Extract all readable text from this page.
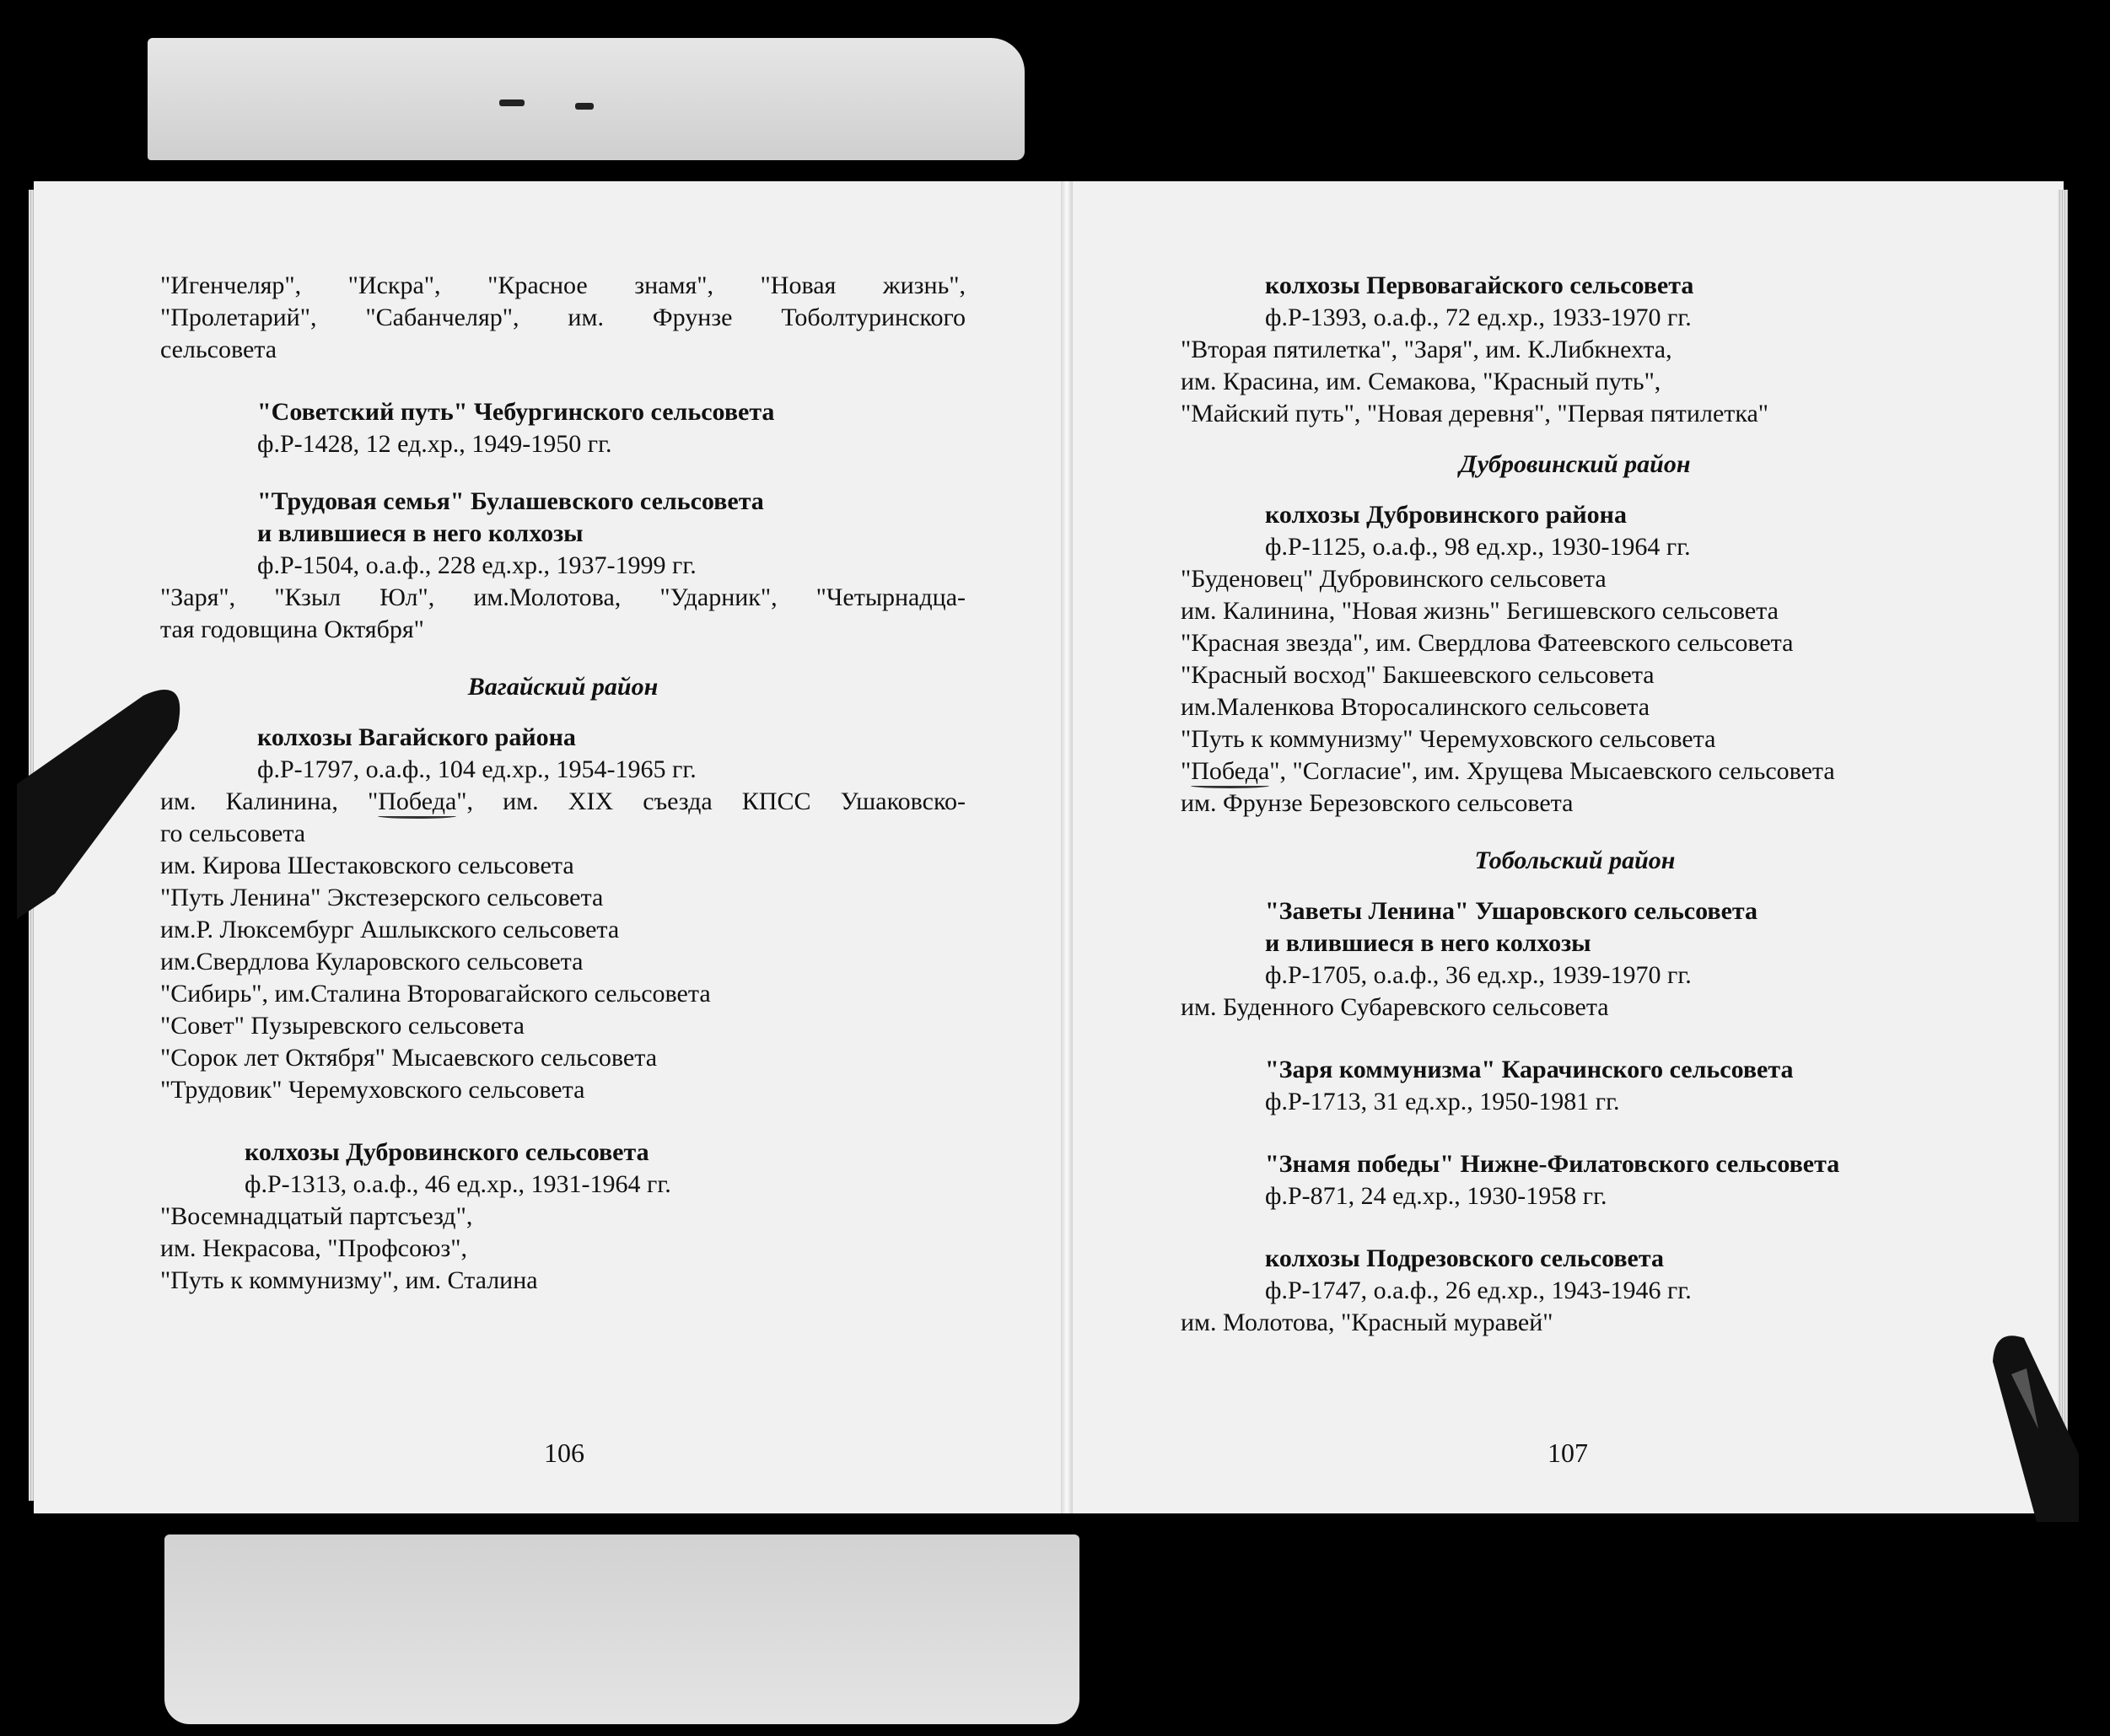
"Игенчеляр", "Искра", "Красное знамя", "Новая жизнь",

"Пролетарий", "Сабанчеляр", им. Фрунзе Тоболтуринского

сельсовета

"Советский путь" Чебургинского сельсовета

ф.Р-1428, 12 ед.хр., 1949-1950 гг.

"Трудовая семья" Булашевского сельсовета

и влившиеся в него колхозы

ф.Р-1504, о.а.ф., 228 ед.хр., 1937-1999 гг.

"Заря", "Кзыл Юл", им.Молотова, "Ударник", "Четырнадца-

тая годовщина Октября"

Вагайский район

колхозы Вагайского района

ф.Р-1797, о.а.ф., 104 ед.хр., 1954-1965 гг.

им. Калинина, "Победа", им. XIX съезда КПСС Ушаковско-

го сельсовета

им. Кирова Шестаковского сельсовета

"Путь Ленина" Экстезерского сельсовета

им.Р. Люксембург Ашлыкского сельсовета

им.Свердлова Куларовского сельсовета

"Сибирь", им.Сталина Второвагайского сельсовета

"Совет" Пузыревского сельсовета

"Сорок лет Октября" Мысаевского сельсовета

"Трудовик" Черемуховского сельсовета

колхозы Дубровинского сельсовета

ф.Р-1313, о.а.ф., 46 ед.хр., 1931-1964 гг.

"Восемнадцатый партсъезд",

им. Некрасова, "Профсоюз",

"Путь к коммунизму", им. Сталина

106

колхозы Первовагайского сельсовета

ф.Р-1393, о.а.ф., 72 ед.хр., 1933-1970 гг.

"Вторая пятилетка", "Заря", им. К.Либкнехта,

им. Красина, им. Семакова, "Красный путь",

"Майский путь", "Новая деревня", "Первая пятилетка"

Дубровинский район

колхозы Дубровинского района

ф.Р-1125, о.а.ф., 98 ед.хр., 1930-1964 гг.

"Буденовец" Дубровинского сельсовета

им. Калинина, "Новая жизнь" Бегишевского сельсовета

"Красная звезда", им. Свердлова Фатеевского сельсовета

"Красный восход" Бакшеевского сельсовета

им.Маленкова Второсалинского сельсовета

"Путь к коммунизму" Черемуховского сельсовета

"Победа", "Согласие", им. Хрущева Мысаевского сельсовета

им. Фрунзе Березовского сельсовета

Тобольский район

"Заветы Ленина" Ушаровского сельсовета

и влившиеся в него колхозы

ф.Р-1705, о.а.ф., 36 ед.хр., 1939-1970 гг.

им. Буденного Субаревского сельсовета

"Заря коммунизма" Карачинского сельсовета

ф.Р-1713, 31 ед.хр., 1950-1981 гг.

"Знамя победы" Нижне-Филатовского сельсовета

ф.Р-871, 24 ед.хр., 1930-1958 гг.

колхозы Подрезовского сельсовета

ф.Р-1747, о.а.ф., 26 ед.хр., 1943-1946 гг.

им. Молотова, "Красный муравей"

107
